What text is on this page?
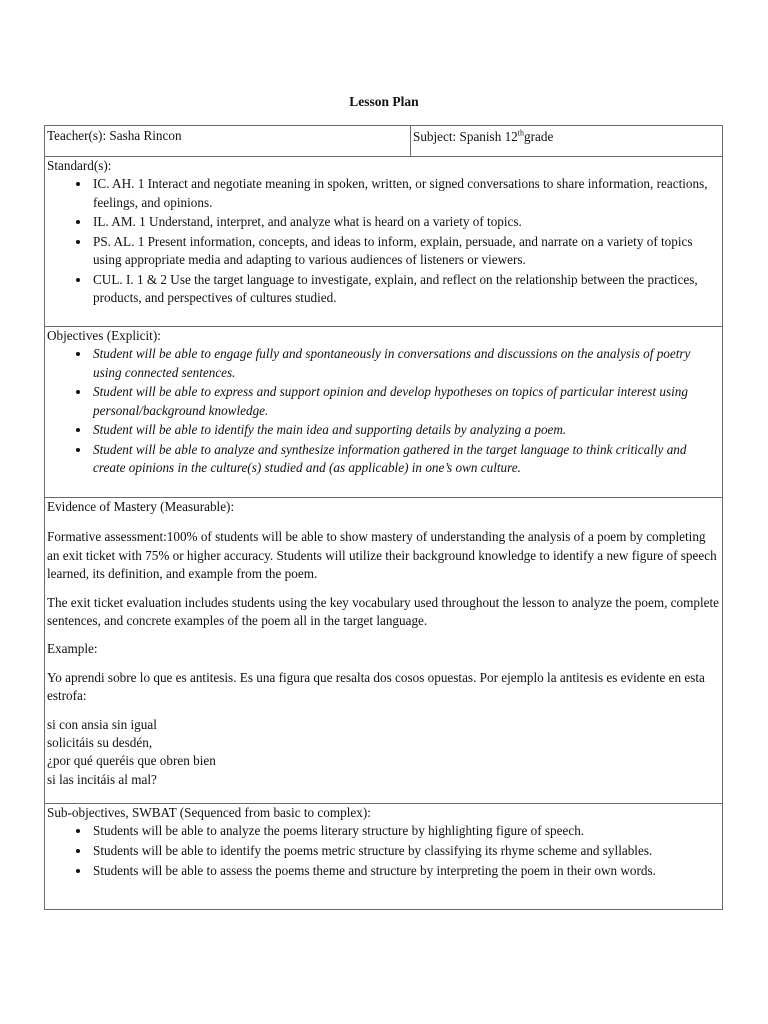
Lesson Plan
Teacher(s): Sasha Rincon	Subject: Spanish 12thgrade

Standard(s):
• IC. AH. 1 Interact and negotiate meaning in spoken, written, or signed conversations to share information, reactions, feelings, and opinions.
• IL. AM. 1 Understand, interpret, and analyze what is heard on a variety of topics.
• PS. AL. 1 Present information, concepts, and ideas to inform, explain, persuade, and narrate on a variety of topics using appropriate media and adapting to various audiences of listeners or viewers.
• CUL. I. 1 & 2 Use the target language to investigate, explain, and reflect on the relationship between the practices, products, and perspectives of cultures studied.

Objectives (Explicit):
• Student will be able to engage fully and spontaneously in conversations and discussions on the analysis of poetry using connected sentences.
• Student will be able to express and support opinion and develop hypotheses on topics of particular interest using personal/background knowledge.
• Student will be able to identify the main idea and supporting details by analyzing a poem.
• Student will be able to analyze and synthesize information gathered in the target language to think critically and create opinions in the culture(s) studied and (as applicable) in one’s own culture.

Evidence of Mastery (Measurable):

Formative assessment:100% of students will be able to show mastery of understanding the analysis of a poem by completing an exit ticket with 75% or higher accuracy. Students will utilize their background knowledge to identify a new figure of speech learned, its definition, and example from the poem.

The exit ticket evaluation includes students using the key vocabulary used throughout the lesson to analyze the poem, complete sentences, and concrete examples of the poem all in the target language.

Example:

Yo aprendi sobre lo que es antitesis. Es una figura que resalta dos cosos opuestas. Por ejemplo la antitesis es evidente en esta estrofa:

si con ansia sin igual
solicitáis su desdén,
¿por qué queréis que obren bien
si las incitáis al mal?

Sub-objectives, SWBAT (Sequenced from basic to complex):
• Students will be able to analyze the poems literary structure by highlighting figure of speech.
• Students will be able to identify the poems metric structure by classifying its rhyme scheme and syllables.
• Students will be able to assess the poems theme and structure by interpreting the poem in their own words.
